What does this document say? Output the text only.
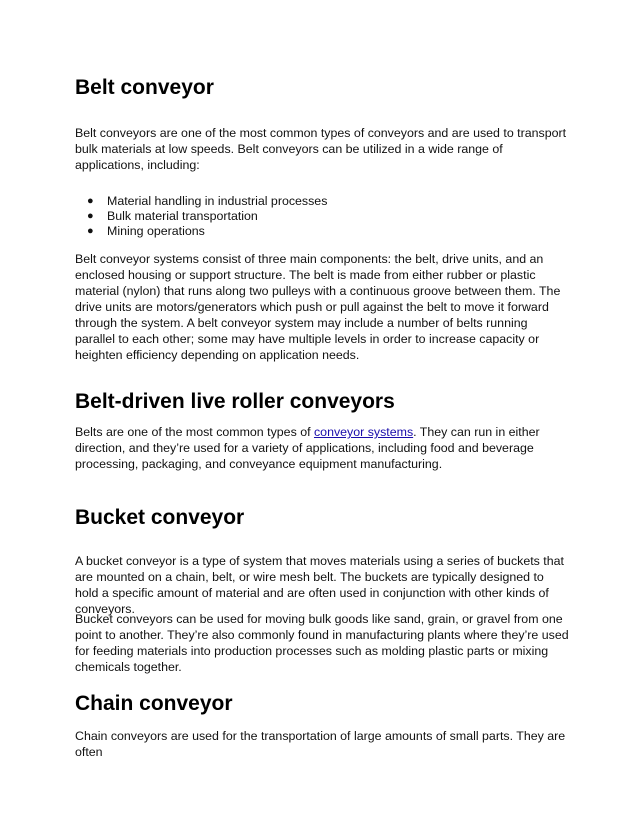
Belt conveyor

Belt conveyors are one of the most common types of conveyors and are used to transport bulk materials at low speeds. Belt conveyors can be utilized in a wide range of applications, including:

● Material handling in industrial processes
● Bulk material transportation
● Mining operations

Belt conveyor systems consist of three main components: the belt, drive units, and an enclosed housing or support structure. The belt is made from either rubber or plastic material (nylon) that runs along two pulleys with a continuous groove between them. The drive units are motors/generators which push or pull against the belt to move it forward through the system. A belt conveyor system may include a number of belts running parallel to each other; some may have multiple levels in order to increase capacity or heighten efficiency depending on application needs.

Belt-driven live roller conveyors

Belts are one of the most common types of conveyor systems. They can run in either direction, and they’re used for a variety of applications, including food and beverage processing, packaging, and conveyance equipment manufacturing.

Bucket conveyor

A bucket conveyor is a type of system that moves materials using a series of buckets that are mounted on a chain, belt, or wire mesh belt. The buckets are typically designed to hold a specific amount of material and are often used in conjunction with other kinds of conveyors.

Bucket conveyors can be used for moving bulk goods like sand, grain, or gravel from one point to another. They’re also commonly found in manufacturing plants where they’re used for feeding materials into production processes such as molding plastic parts or mixing chemicals together.

Chain conveyor

Chain conveyors are used for the transportation of large amounts of small parts. They are often
